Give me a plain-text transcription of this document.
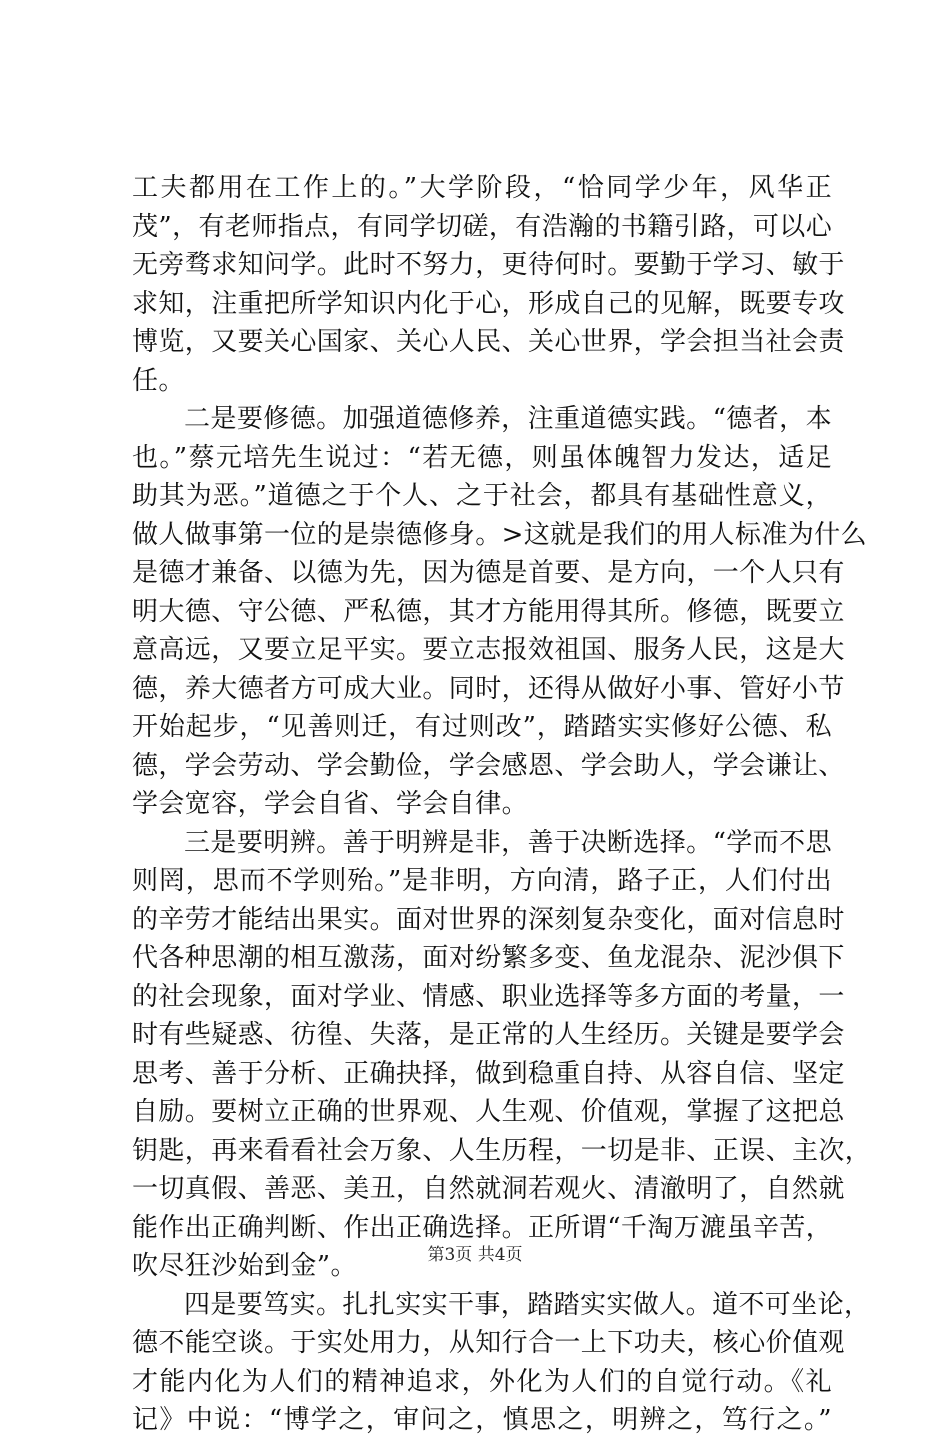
工夫都用在工作上的。”大学阶段，“恰同学少年，风华正
茂”，有老师指点，有同学切磋，有浩瀚的书籍引路，可以心
无旁骛求知问学。此时不努力，更待何时。要勤于学习、敏于
求知，注重把所学知识内化于心，形成自己的见解，既要专攻
博览，又要关心国家、关心人民、关心世界，学会担当社会责
任。
二是要修德。加强道德修养，注重道德实践。“德者，本
也。”蔡元培先生说过：“若无德，则虽体魄智力发达，适足
助其为恶。”道德之于个人、之于社会，都具有基础性意义，
做人做事第一位的是崇德修身。>这就是我们的用人标准为什么
是德才兼备、以德为先，因为德是首要、是方向，一个人只有
明大德、守公德、严私德，其才方能用得其所。修德，既要立
意高远，又要立足平实。要立志报效祖国、服务人民，这是大
德，养大德者方可成大业。同时，还得从做好小事、管好小节
开始起步，“见善则迁，有过则改”，踏踏实实修好公德、私
德，学会劳动、学会勤俭，学会感恩、学会助人，学会谦让、
学会宽容，学会自省、学会自律。
三是要明辨。善于明辨是非，善于决断选择。“学而不思
则罔，思而不学则殆。”是非明，方向清，路子正，人们付出
的辛劳才能结出果实。面对世界的深刻复杂变化，面对信息时
代各种思潮的相互激荡，面对纷繁多变、鱼龙混杂、泥沙俱下
的社会现象，面对学业、情感、职业选择等多方面的考量，一
时有些疑惑、彷徨、失落，是正常的人生经历。关键是要学会
思考、善于分析、正确抉择，做到稳重自持、从容自信、坚定
自励。要树立正确的世界观、人生观、价值观，掌握了这把总
钥匙，再来看看社会万象、人生历程，一切是非、正误、主次，
一切真假、善恶、美丑，自然就洞若观火、清澈明了，自然就
能作出正确判断、作出正确选择。正所谓“千淘万漉虽辛苦，
吹尽狂沙始到金”。
四是要笃实。扎扎实实干事，踏踏实实做人。道不可坐论，
德不能空谈。于实处用力，从知行合一上下功夫，核心价值观
才能内化为人们的精神追求，外化为人们的自觉行动。《礼
记》中说：“博学之，审问之，慎思之，明辨之，笃行之。”
第3页 共4页
